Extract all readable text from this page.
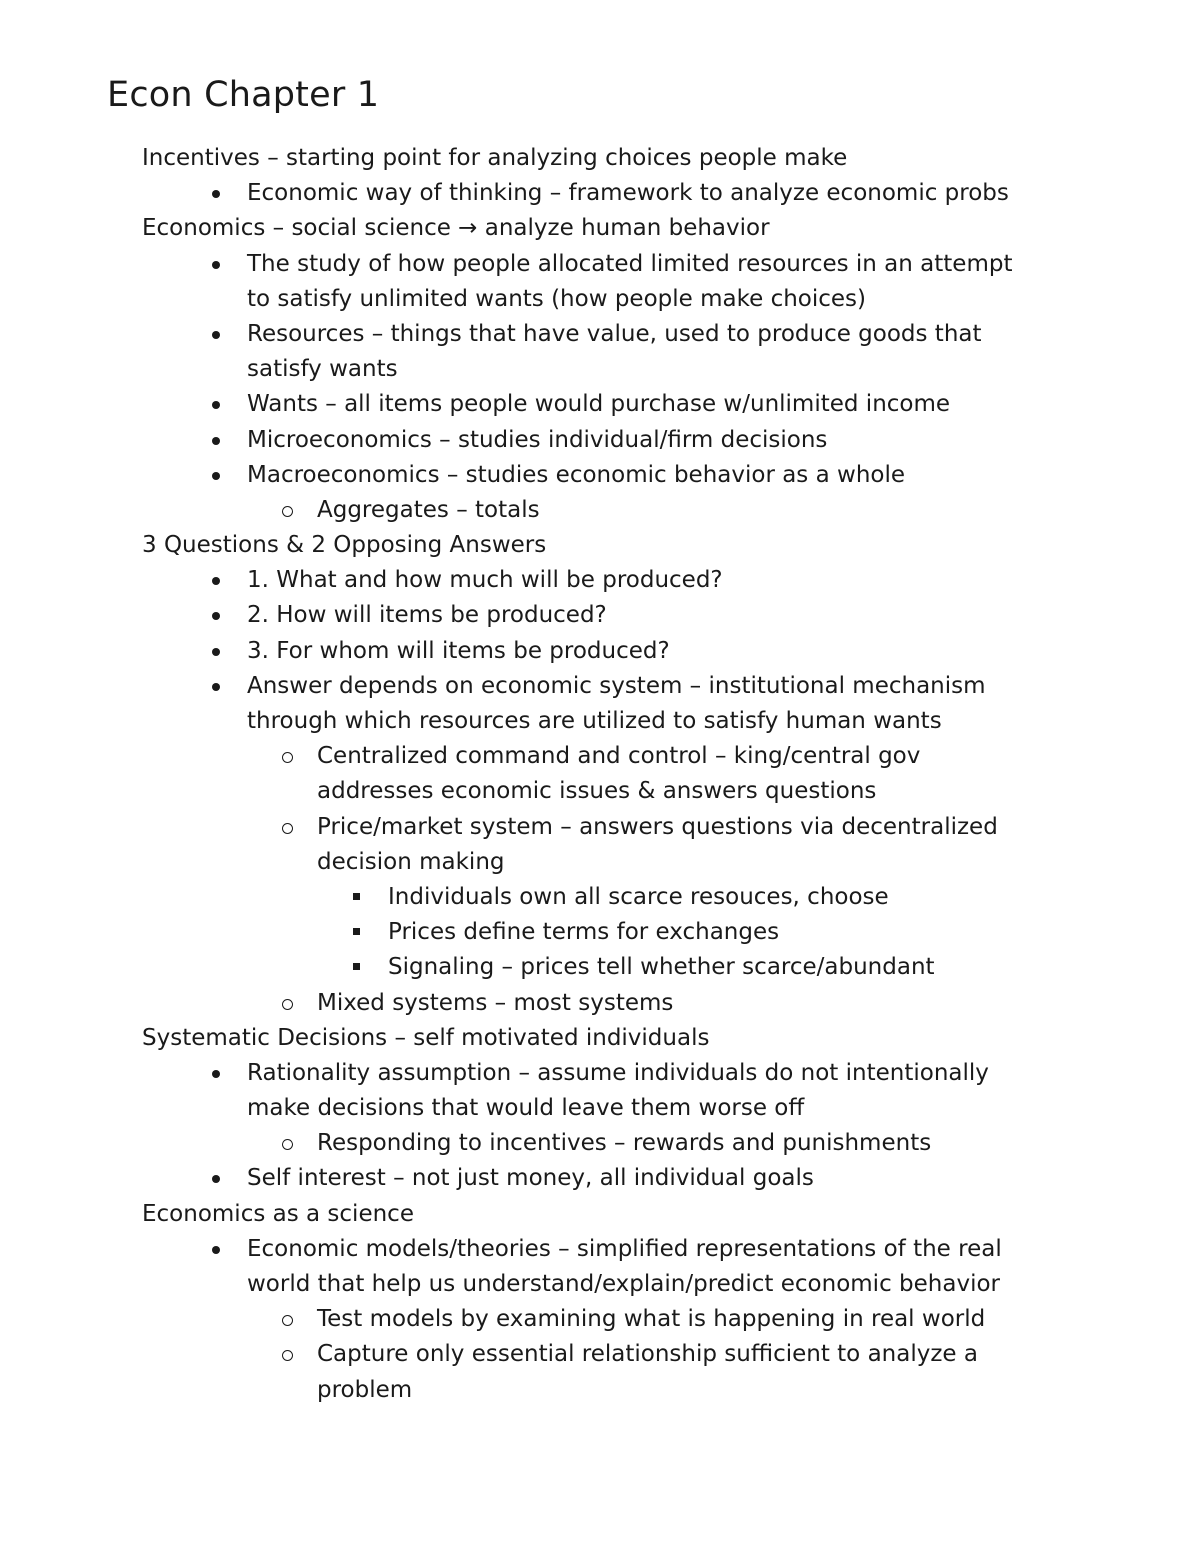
Econ Chapter 1
Incentives – starting point for analyzing choices people make
Economic way of thinking – framework to analyze economic probs
Economics – social science → analyze human behavior
The study of how people allocated limited resources in an attempt
to satisfy unlimited wants (how people make choices)
Resources – things that have value, used to produce goods that
satisfy wants
Wants – all items people would purchase w/unlimited income
Microeconomics – studies individual/firm decisions
Macroeconomics – studies economic behavior as a whole
Aggregates – totals
3 Questions & 2 Opposing Answers
1. What and how much will be produced?
2. How will items be produced?
3. For whom will items be produced?
Answer depends on economic system – institutional mechanism
through which resources are utilized to satisfy human wants
Centralized command and control – king/central gov
addresses economic issues & answers questions
Price/market system – answers questions via decentralized
decision making
Individuals own all scarce resouces, choose
Prices define terms for exchanges
Signaling – prices tell whether scarce/abundant
Mixed systems – most systems
Systematic Decisions – self motivated individuals
Rationality assumption – assume individuals do not intentionally
make decisions that would leave them worse off
Responding to incentives – rewards and punishments
Self interest – not just money, all individual goals
Economics as a science
Economic models/theories – simplified representations of the real
world that help us understand/explain/predict economic behavior
Test models by examining what is happening in real world
Capture only essential relationship sufficient to analyze a
problem
